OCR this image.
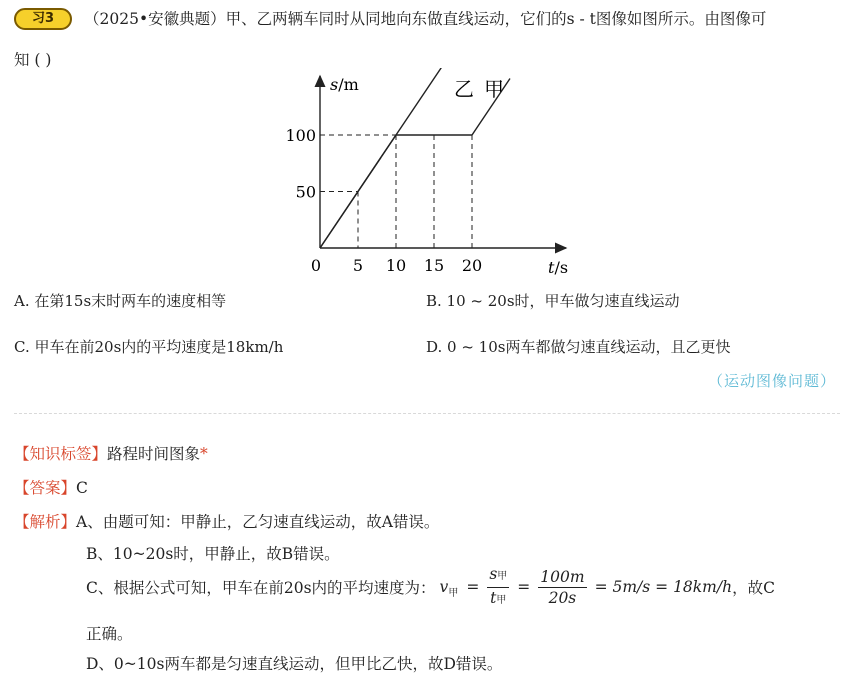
习3	（2025•安徽典题）甲、乙两辆车同时从同地向东做直线运动，它们的s - t图像如图所示。由图像可
知 ( )
s/m
t/s
0 5 10 15 20
50
100
乙 甲
A. 在第15s末时两车的速度相等	B. 10 ~ 20s时，甲车做匀速直线运动
C. 甲车在前20s内的平均速度是18km/h	D. 0 ~ 10s两车都做匀速直线运动，且乙更快
（运动图像问题）
【知识标签】路程时间图象*
【答案】C
【解析】A、由题可知：甲静止，乙匀速直线运动，故A错误。
B、10~20s时，甲静止，故B错误。
C、根据公式可知，甲车在前20s内的平均速度为： v 甲 = $\frac{\text{s甲}}{\text{t甲}} = \frac{100m}{20s} = 5m/s = 18km/h$ ，故C
正确。
D、0~10s两车都是匀速直线运动，但甲比乙快，故D错误。
